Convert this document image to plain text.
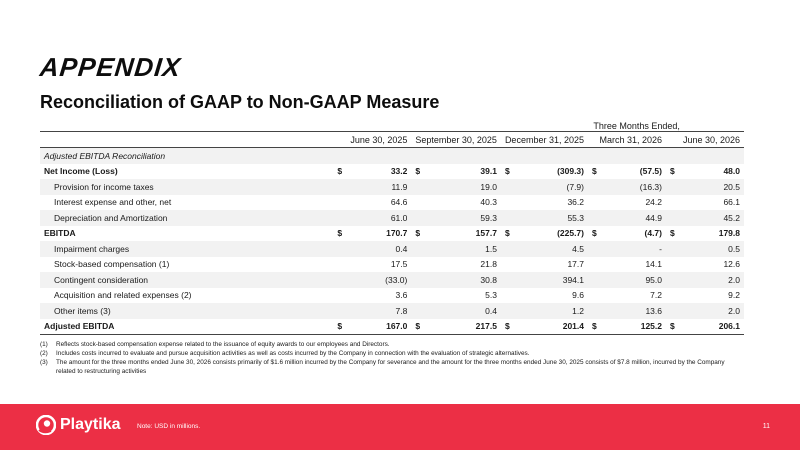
APPENDIX
Reconciliation of GAAP to Non-GAAP Measure
	Three Months Ended,									
	June 30, 2025		September 30, 2025		December 31, 2025		March 31, 2026		June 30, 2026	
Adjusted EBITDA Reconciliation										
Net Income (Loss)	$	33.2	$	39.1	$	(309.3)	$	(57.5)	$	48.0
Provision for income taxes		11.9		19.0		(7.9)		(16.3)		20.5
Interest expense and other, net		64.6		40.3		36.2		24.2		66.1
Depreciation and Amortization		61.0		59.3		55.3		44.9		45.2
EBITDA	$	170.7	$	157.7	$	(225.7)	$	(4.7)	$	179.8
Impairment charges		0.4		1.5		4.5		-		0.5
Stock-based compensation (1)		17.5		21.8		17.7		14.1		12.6
Contingent consideration		(33.0)		30.8		394.1		95.0		2.0
Acquisition and related expenses (2)		3.6		5.3		9.6		7.2		9.2
Other items (3)		7.8		0.4		1.2		13.6		2.0
Adjusted EBITDA	$	167.0	$	217.5	$	201.4	$	125.2	$	206.1
(1)	Reflects stock-based compensation expense related to the issuance of equity awards to our employees and Directors.
(2)	Includes costs incurred to evaluate and pursue acquisition activities as well as costs incurred by the Company in connection with the evaluation of strategic alternatives.
(3)	The amount for the three months ended June 30, 2026 consists primarily of $1.6 million incurred by the Company for severance and the amount for the three months ended June 30, 2025 consists of $7.8 million, incurred by the Company related to restructuring activities
Playtika	Note: USD in millions.	11
